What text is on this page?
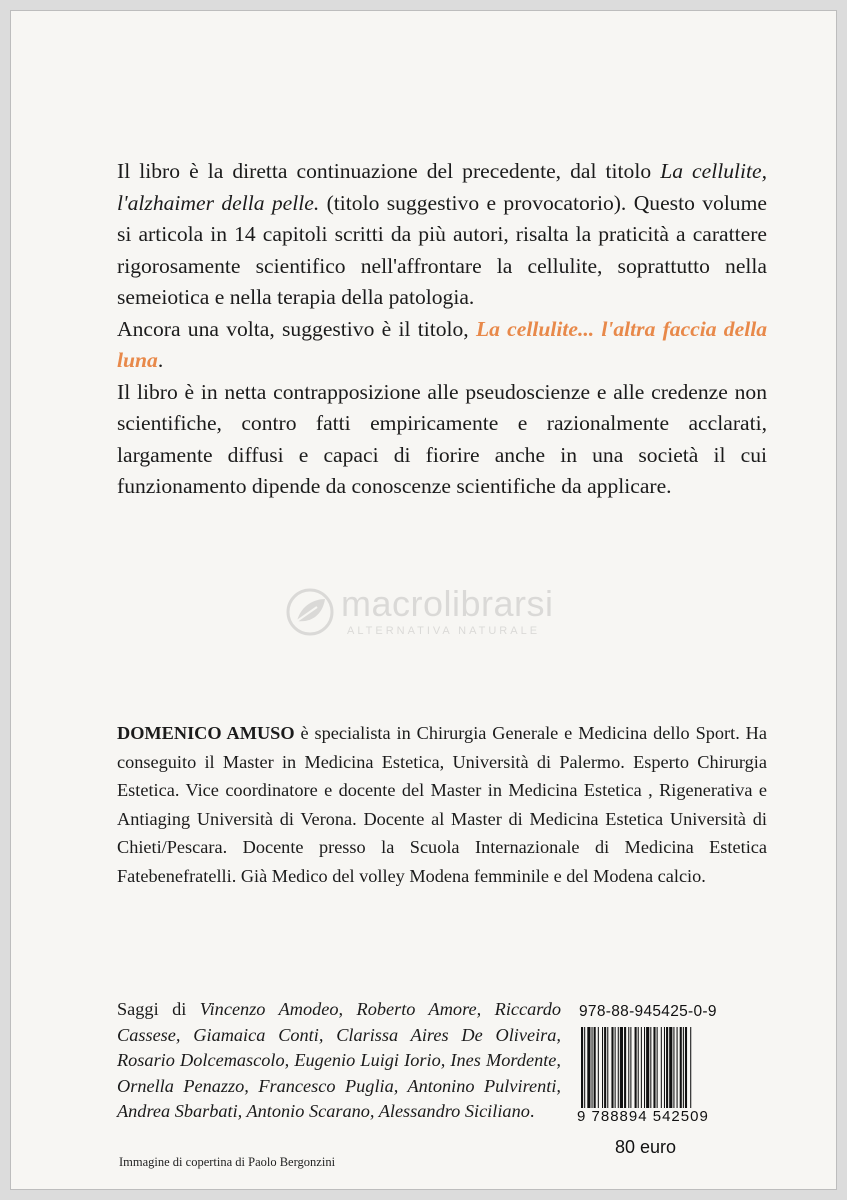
Il libro è la diretta continuazione del precedente, dal titolo La cellulite, l'alzhaimer della pelle. (titolo suggestivo e provocatorio). Questo volume si articola in 14 capitoli scritti da più autori, risalta la praticità a carattere rigorosamente scientifico nell'affrontare la cellulite, soprattutto nella semeiotica e nella terapia della patologia.

Ancora una volta, suggestivo è il titolo, La cellulite... l'altra faccia della luna.

Il libro è in netta contrapposizione alle pseudoscienze e alle credenze non scientifiche, contro fatti empiricamente e razionalmente acclarati, largamente diffusi e capaci di fiorire anche in una società il cui funzionamento dipende da conoscenze scientifiche da applicare.

macrolibrarsi
ALTERNATIVA NATURALE
DOMENICO AMUSO è specialista in Chirurgia Generale e Medicina dello Sport. Ha conseguito il Master in Medicina Estetica, Università di Palermo. Esperto Chirurgia Estetica. Vice coordinatore e docente del Master in Medicina Estetica , Rigenerativa e Antiaging Università di Verona. Docente al Master di Medicina Estetica Università di Chieti/Pescara. Docente presso la Scuola Internazionale di Medicina Estetica Fatebenefratelli. Già Medico del volley Modena femminile e del Modena calcio.
Saggi di Vincenzo Amodeo, Roberto Amore, Riccardo Cassese, Giamaica Conti, Clarissa Aires De Oliveira, Rosario Dolcemascolo, Eugenio Luigi Iorio, Ines Mordente, Ornella Penazzo, Francesco Puglia, Antonino Pulvirenti, Andrea Sbarbati, Antonio Scarano, Alessandro Siciliano.
978-88-945425-0-9
9 788894 542509
80 euro
Immagine di copertina di Paolo Bergonzini
